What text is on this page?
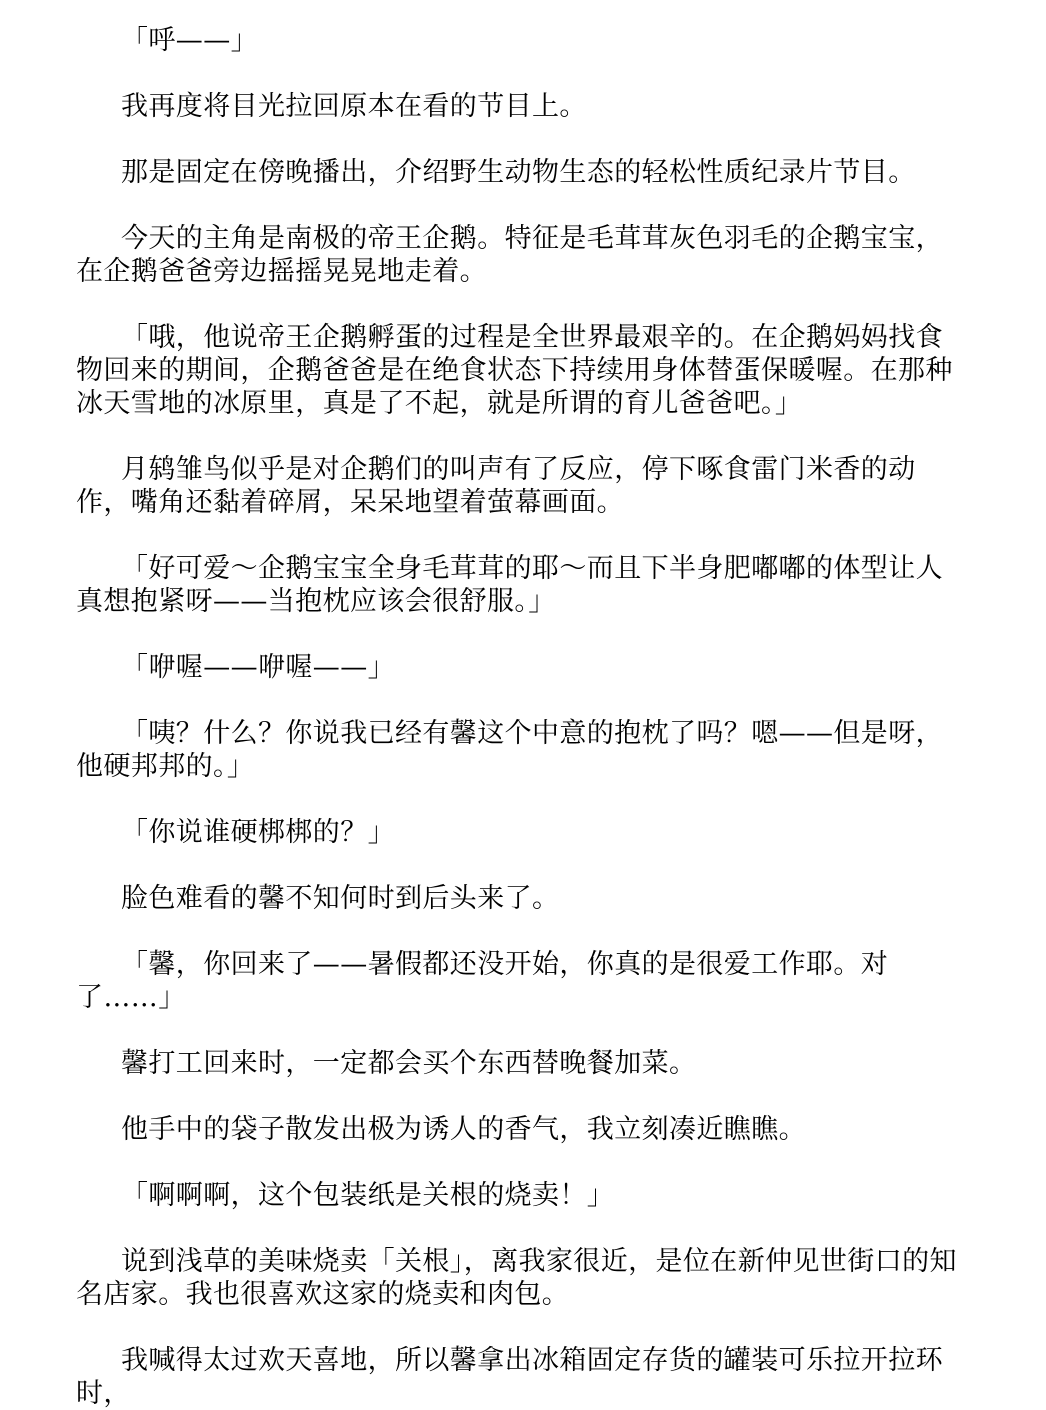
「呼——」

我再度将目光拉回原本在看的节目上。

那是固定在傍晚播出，介绍野生动物生态的轻松性质纪录片节目。

今天的主角是南极的帝王企鹅。特征是毛茸茸灰色羽毛的企鹅宝宝，在企鹅爸爸旁边摇摇晃晃地走着。

「哦，他说帝王企鹅孵蛋的过程是全世界最艰辛的。在企鹅妈妈找食物回来的期间，企鹅爸爸是在绝食状态下持续用身体替蛋保暖喔。在那种冰天雪地的冰原里，真是了不起，就是所谓的育儿爸爸吧。」

月鸫雏鸟似乎是对企鹅们的叫声有了反应，停下啄食雷门米香的动作，嘴角还黏着碎屑，呆呆地望着萤幕画面。

「好可爱～企鹅宝宝全身毛茸茸的耶～而且下半身肥嘟嘟的体型让人真想抱紧呀——当抱枕应该会很舒服。」

「咿喔——咿喔——」

「咦？什么？你说我已经有馨这个中意的抱枕了吗？嗯——但是呀，他硬邦邦的。」

「你说谁硬梆梆的？」

脸色难看的馨不知何时到后头来了。

「馨，你回来了——暑假都还没开始，你真的是很爱工作耶。对了……」

馨打工回来时，一定都会买个东西替晚餐加菜。

他手中的袋子散发出极为诱人的香气，我立刻凑近瞧瞧。

「啊啊啊，这个包装纸是关根的烧卖！」

说到浅草的美味烧卖「关根」，离我家很近，是位在新仲见世街口的知名店家。我也很喜欢这家的烧卖和肉包。

我喊得太过欢天喜地，所以馨拿出冰箱固定存货的罐装可乐拉开拉环时，
